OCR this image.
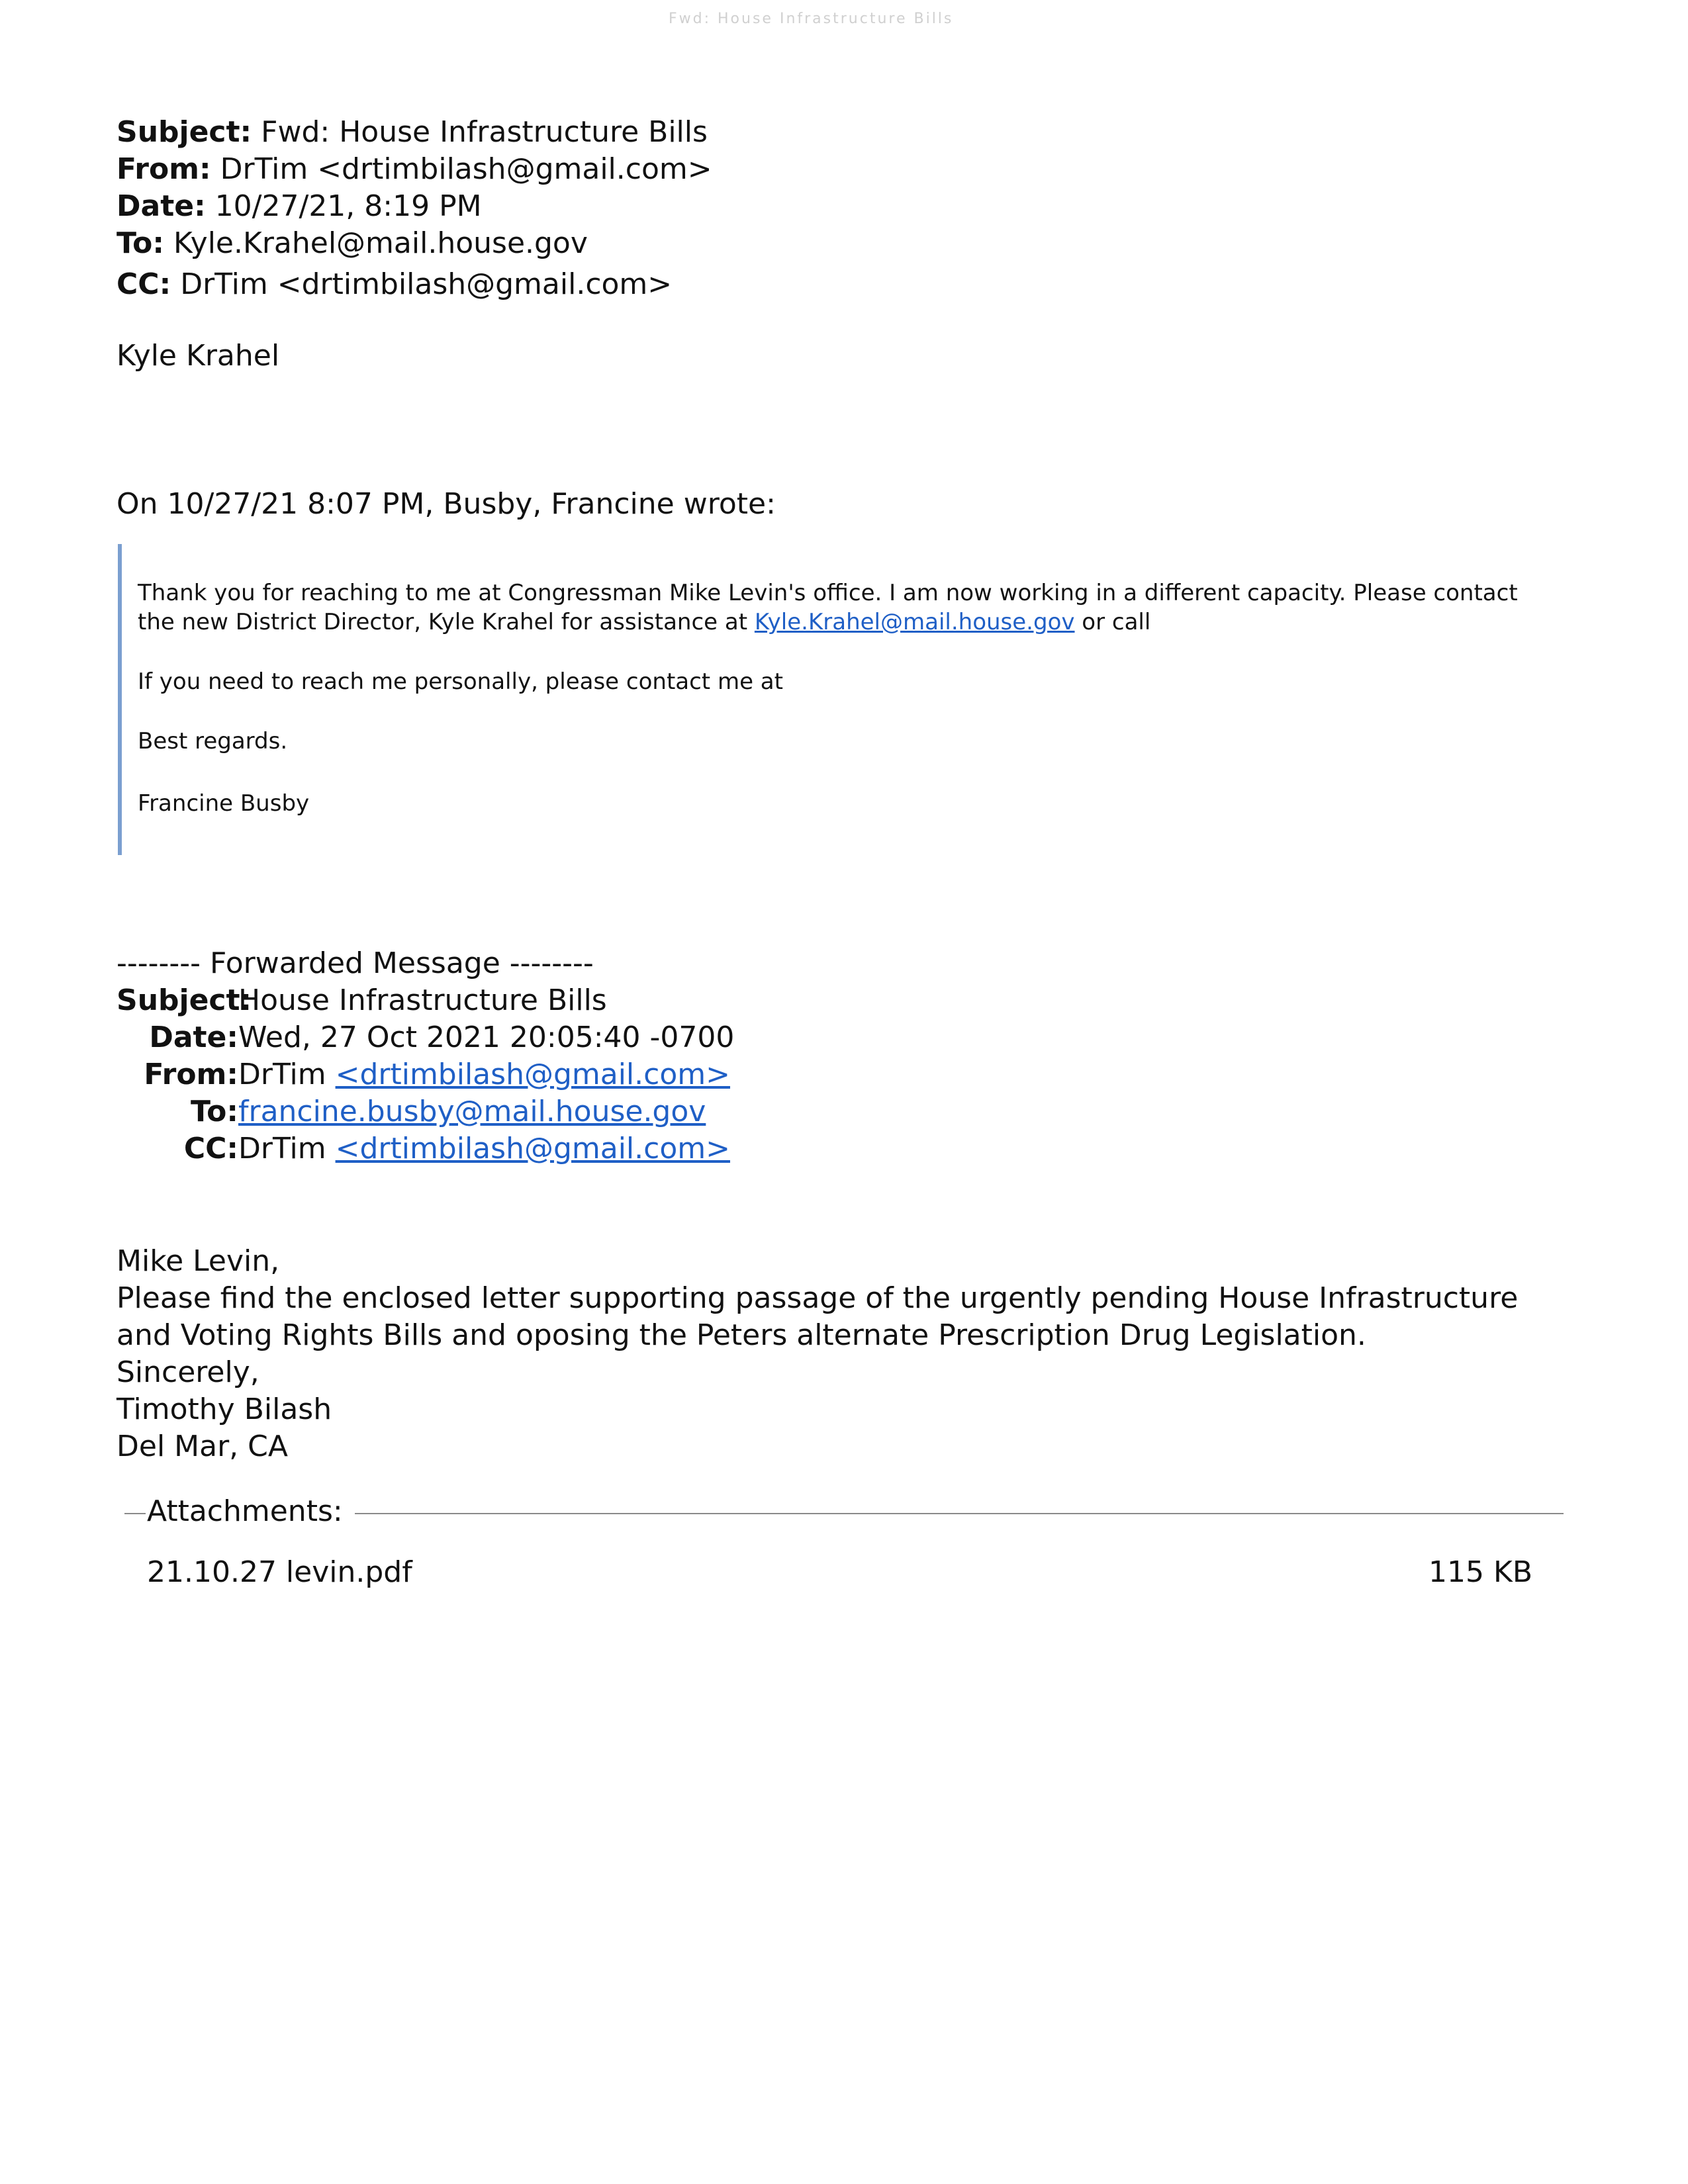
Fwd: House Infrastructure Bills
Subject: Fwd: House Infrastructure Bills
From: DrTim <drtimbilash@gmail.com>
Date: 10/27/21, 8:19 PM
To: Kyle.Krahel@mail.house.gov
CC: DrTim <drtimbilash@gmail.com>
Kyle Krahel
On 10/27/21 8:07 PM, Busby, Francine wrote:
Thank you for reaching to me at Congressman Mike Levin's office. I am now working in a different capacity. Please contact
the new District Director, Kyle Krahel for assistance at Kyle.Krahel@mail.house.gov or call
If you need to reach me personally, please contact me at
Best regards.
Francine Busby
-------- Forwarded Message --------
Subject:House Infrastructure Bills
Date:Wed, 27 Oct 2021 20:05:40 -0700
From:DrTim <drtimbilash@gmail.com>
To:francine.busby@mail.house.gov
CC:DrTim <drtimbilash@gmail.com>
Mike Levin,
Please find the enclosed letter supporting passage of the urgently pending House Infrastructure
and Voting Rights Bills and oposing the Peters alternate Prescription Drug Legislation.
Sincerely,
Timothy Bilash
Del Mar, CA
Attachments:
21.10.27 levin.pdf	115 KB
